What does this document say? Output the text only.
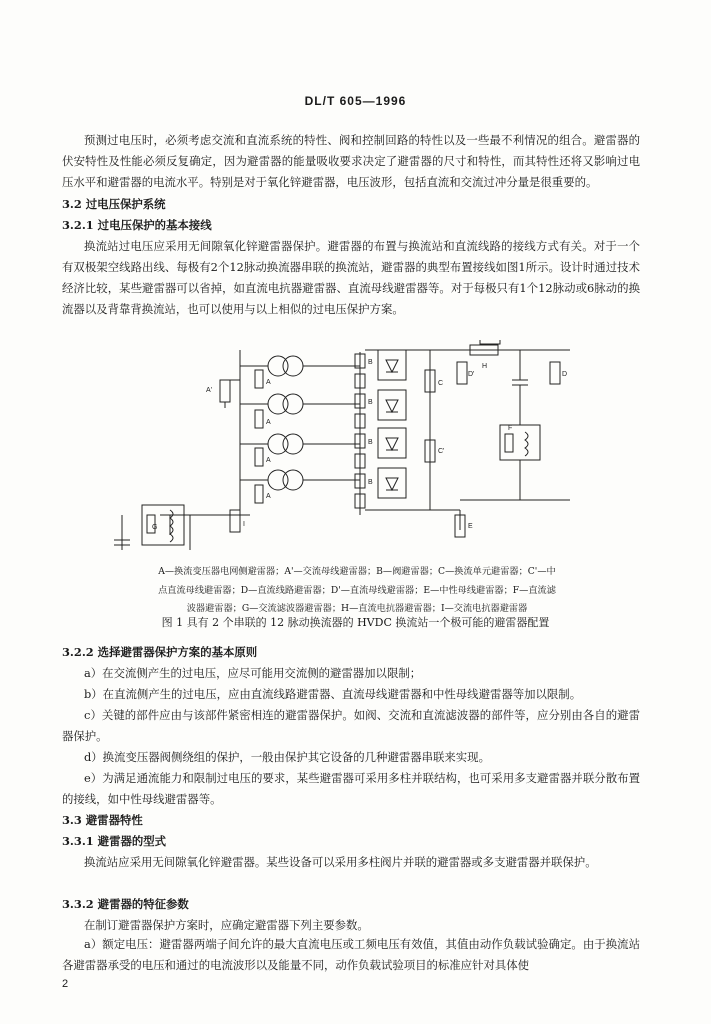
DL/T 605—1996

预测过电压时，必须考虑交流和直流系统的特性、阀和控制回路的特性以及一些最不利情况的组合。避雷器的伏安特性及性能必须反复确定，因为避雷器的能量吸收要求决定了避雷器的尺寸和特性，而其特性还将又影响过电压水平和避雷器的电流水平。特别是对于氧化锌避雷器，电压波形，包括直流和交流过冲分量是很重要的。

3.2 过电压保护系统

3.2.1 过电压保护的基本接线

换流站过电压应采用无间隙氧化锌避雷器保护。避雷器的布置与换流站和直流线路的接线方式有关。对于一个有双极架空线路出线、每极有2个12脉动换流器串联的换流站，避雷器的典型布置接线如图1所示。设计时通过技术经济比较，某些避雷器可以省掉，如直流电抗器避雷器、直流母线避雷器等。对于每极只有1个12脉动或6脉动的换流器以及背靠背换流站，也可以使用与以上相似的过电压保护方案。

A'
A
A
A
A
B
B
B
B
C
C'
D'
H
D
F
E
G	I

A—换流变压器电网侧避雷器；A'—交流母线避雷器；B—阀避雷器；C—换流单元避雷器；C'—中

点直流母线避雷器；D—直流线路避雷器；D'—直流母线避雷器；E—中性母线避雷器；F—直流滤

波器避雷器；G—交流滤波器避雷器；H—直流电抗器避雷器；I—交流电抗器避雷器

图 1 具有 2 个串联的 12 脉动换流器的 HVDC 换流站一个极可能的避雷器配置

3.2.2 选择避雷器保护方案的基本原则

a）在交流侧产生的过电压，应尽可能用交流侧的避雷器加以限制；

b）在直流侧产生的过电压，应由直流线路避雷器、直流母线避雷器和中性母线避雷器等加以限制。

c）关键的部件应由与该部件紧密相连的避雷器保护。如阀、交流和直流滤波器的部件等，应分别由各自的避雷器保护。

d）换流变压器阀侧绕组的保护，一般由保护其它设备的几种避雷器串联来实现。

e）为满足通流能力和限制过电压的要求，某些避雷器可采用多柱并联结构，也可采用多支避雷器并联分散布置的接线，如中性母线避雷器等。

3.3 避雷器特性

3.3.1 避雷器的型式

换流站应采用无间隙氧化锌避雷器。某些设备可以采用多柱阀片并联的避雷器或多支避雷器并联保护。

3.3.2 避雷器的特征参数

在制订避雷器保护方案时，应确定避雷器下列主要参数。

a）额定电压：避雷器两端子间允许的最大直流电压或工频电压有效值，其值由动作负载试验确定。由于换流站各避雷器承受的电压和通过的电流波形以及能量不同，动作负载试验项目的标准应针对具体使

2
